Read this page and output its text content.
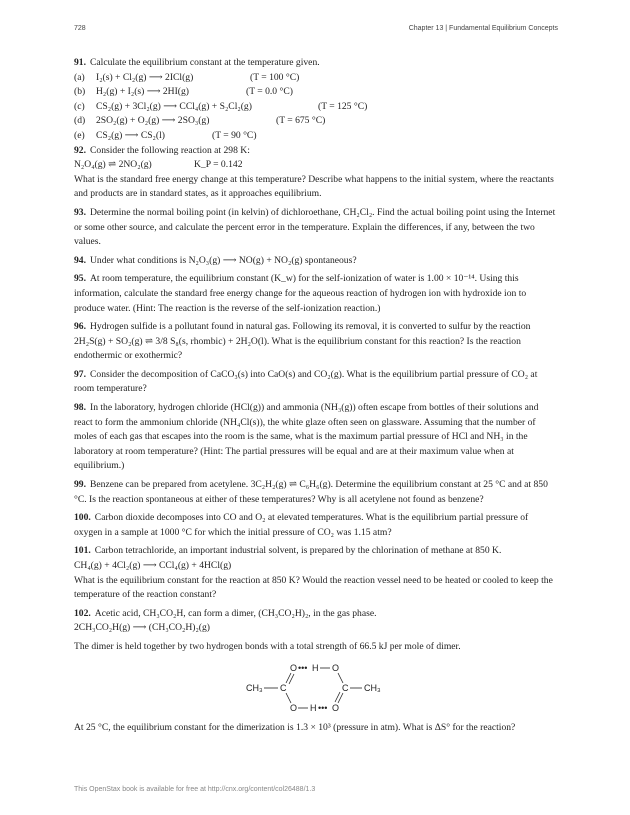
728	Chapter 13 | Fundamental Equilibrium Concepts

91. Calculate the equilibrium constant at the temperature given.

(a)	I₂(s) + Cl₂(g) ⟶ 2ICl(g)	(T = 100 °C)
(b) H₂(g) + I₂(s) ⟶ 2HI(g)	(T = 0.0 °C)
(c)	CS₂(g) + 3Cl₂(g) ⟶ CCl₄(g) + S₂Cl₂(g)	(T = 125 °C)
(d) 2SO₂(g) + O₂(g) ⟶ 2SO₃(g)	(T = 675 °C)
(e)	CS₂(g) ⟶ CS₂(l)	(T = 90 °C)

92. Consider the following reaction at 298 K:

N₂O₄(g) ⇌ 2NO₂(g)	K_P = 0.142

What is the standard free energy change at this temperature? Describe what happens to the initial system, where the reactants and products are in standard states, as it approaches equilibrium.

93. Determine the normal boiling point (in kelvin) of dichloroethane, CH₂Cl₂. Find the actual boiling point using the Internet or some other source, and calculate the percent error in the temperature. Explain the differences, if any, between the two values.

94. Under what conditions is N₂O₃(g) ⟶ NO(g) + NO₂(g) spontaneous?

95. At room temperature, the equilibrium constant (K_w) for the self-ionization of water is 1.00 × 10⁻¹⁴. Using this information, calculate the standard free energy change for the aqueous reaction of hydrogen ion with hydroxide ion to produce water. (Hint: The reaction is the reverse of the self-ionization reaction.)

96. Hydrogen sulfide is a pollutant found in natural gas. Following its removal, it is converted to sulfur by the reaction 2H₂S(g) + SO₂(g) ⇌ 3/8 S₈(s, rhombic) + 2H₂O(l). What is the equilibrium constant for this reaction? Is the reaction endothermic or exothermic?

97. Consider the decomposition of CaCO₃(s) into CaO(s) and CO₂(g). What is the equilibrium partial pressure of CO₂ at room temperature?

98. In the laboratory, hydrogen chloride (HCl(g)) and ammonia (NH₃(g)) often escape from bottles of their solutions and react to form the ammonium chloride (NH₄Cl(s)), the white glaze often seen on glassware. Assuming that the number of moles of each gas that escapes into the room is the same, what is the maximum partial pressure of HCl and NH₃ in the laboratory at room temperature? (Hint: The partial pressures will be equal and are at their maximum value when at equilibrium.)

99. Benzene can be prepared from acetylene. 3C₂H₂(g) ⇌ C₆H₆(g). Determine the equilibrium constant at 25 °C and at 850 °C. Is the reaction spontaneous at either of these temperatures? Why is all acetylene not found as benzene?

100. Carbon dioxide decomposes into CO and O₂ at elevated temperatures. What is the equilibrium partial pressure of oxygen in a sample at 1000 °C for which the initial pressure of CO₂ was 1.15 atm?

101. Carbon tetrachloride, an important industrial solvent, is prepared by the chlorination of methane at 850 K.

CH₄(g) + 4Cl₂(g) ⟶ CCl₄(g) + 4HCl(g)

What is the equilibrium constant for the reaction at 850 K? Would the reaction vessel need to be heated or cooled to keep the temperature of the reaction constant?

102. Acetic acid, CH₃CO₂H, can form a dimer, (CH₃CO₂H)₂, in the gas phase.

2CH₃CO₂H(g) ⟶ (CH₃CO₂H)₂(g)

The dimer is held together by two hydrogen bonds with a total strength of 66.5 kJ per mole of dimer.

O ••• H O
CH₃ C	C CH₃
O H ••• O

At 25 °C, the equilibrium constant for the dimerization is 1.3 × 10³ (pressure in atm). What is ΔS° for the reaction?

This OpenStax book is available for free at http://cnx.org/content/col26488/1.3
